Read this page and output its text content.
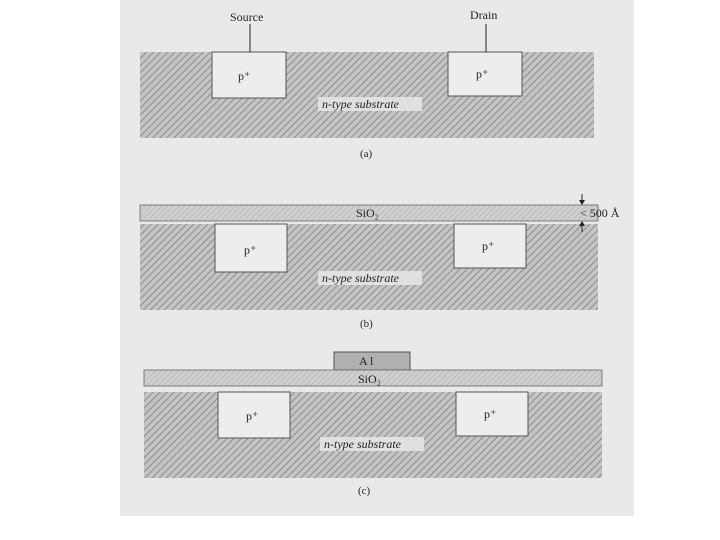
Source	Drain
p⁺	p⁺
n-type substrate
(a)
SiO₂	< 500 Å
p⁺	p⁺
n-type substrate
(b)
A l
SiO₂
p⁺	p⁺
n-type substrate
(c)
